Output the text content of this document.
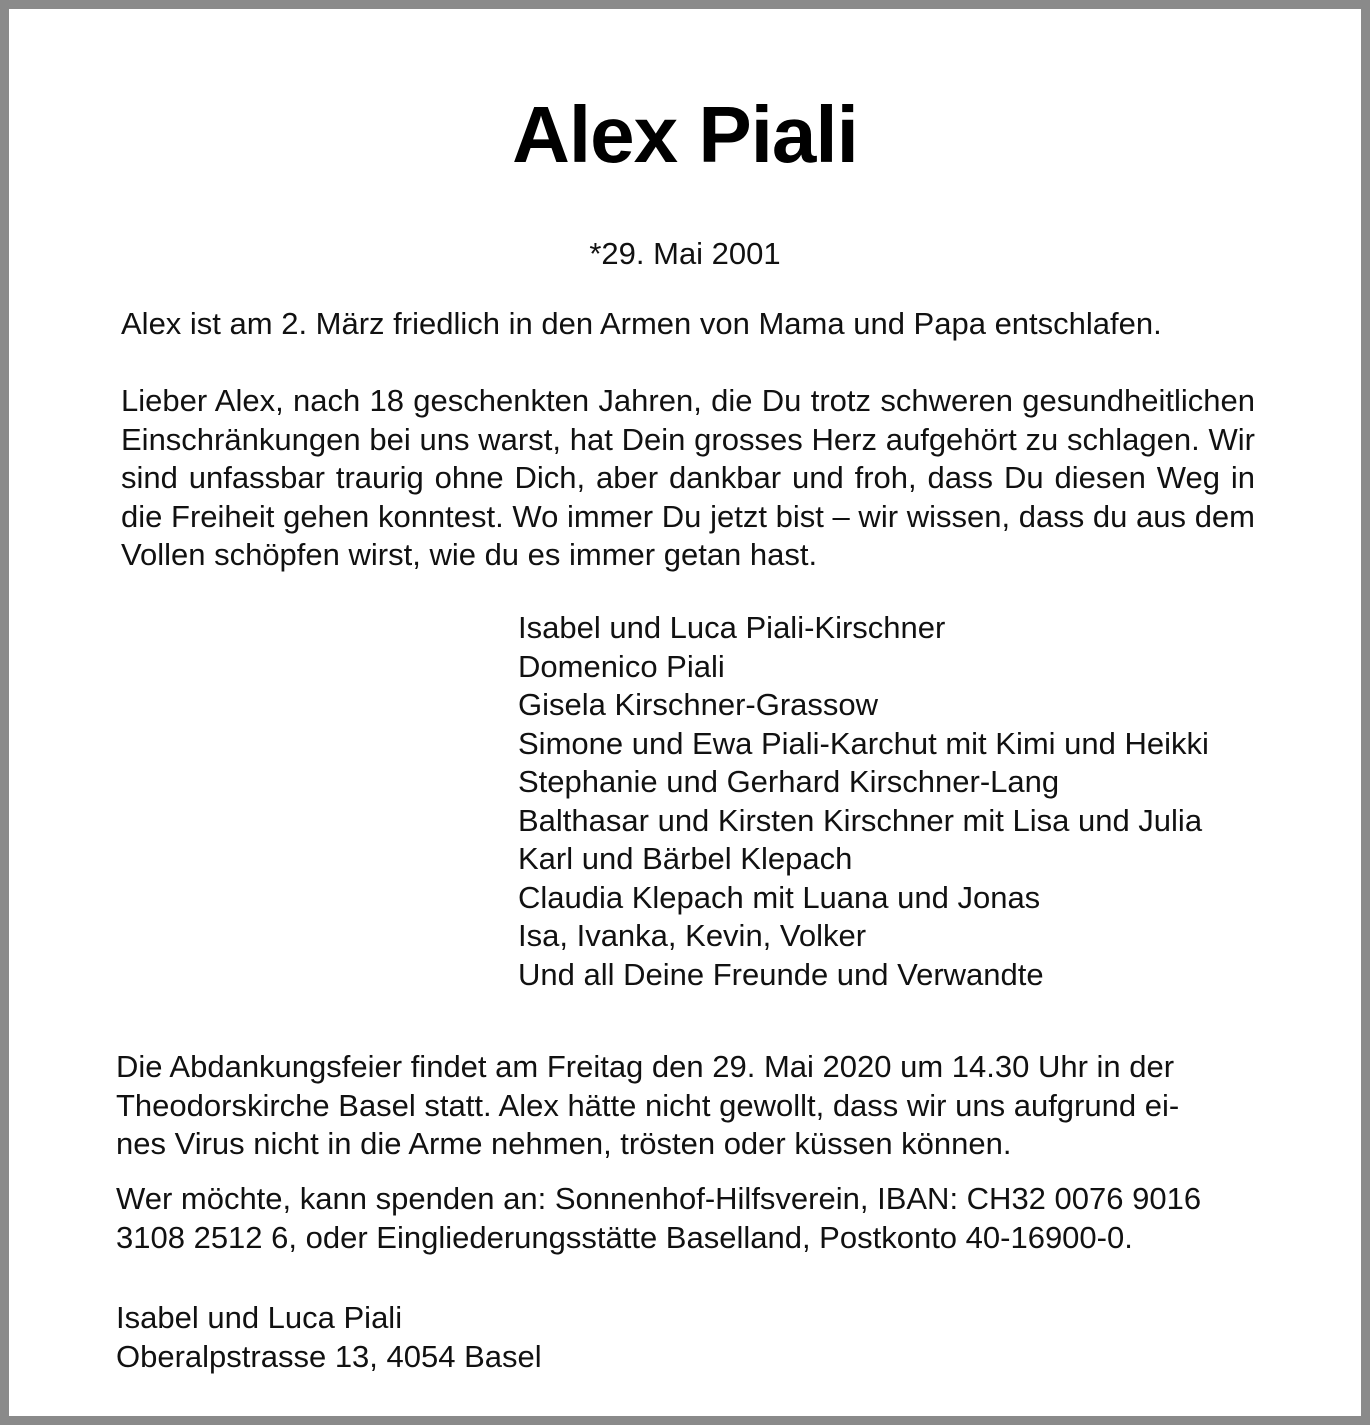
Alex Piali
*29. Mai 2001
Alex ist am 2. März friedlich in den Armen von Mama und Papa entschlafen.
Lieber Alex, nach 18 geschenkten Jahren, die Du trotz schweren gesundheitlichen Einschränkungen bei uns warst, hat Dein grosses Herz aufgehört zu schlagen. Wir sind unfassbar traurig ohne Dich, aber dankbar und froh, dass Du diesen Weg in die Freiheit gehen konntest. Wo immer Du jetzt bist – wir wissen, dass du aus dem Vollen schöpfen wirst, wie du es immer getan hast.
Isabel und Luca Piali-Kirschner
Domenico Piali
Gisela Kirschner-Grassow
Simone und Ewa Piali-Karchut mit Kimi und Heikki
Stephanie und Gerhard Kirschner-Lang
Balthasar und Kirsten Kirschner mit Lisa und Julia
Karl und Bärbel Klepach
Claudia Klepach mit Luana und Jonas
Isa, Ivanka, Kevin, Volker
Und all Deine Freunde und Verwandte
Die Abdankungsfeier findet am Freitag den 29. Mai 2020 um 14.30 Uhr in der
Theodorskirche Basel statt. Alex hätte nicht gewollt, dass wir uns aufgrund ei-
nes Virus nicht in die Arme nehmen, trösten oder küssen können.
Wer möchte, kann spenden an: Sonnenhof-Hilfsverein, IBAN: CH32 0076 9016
3108 2512 6, oder Eingliederungsstätte Baselland, Postkonto 40-16900-0.
Isabel und Luca Piali
Oberalpstrasse 13, 4054 Basel
